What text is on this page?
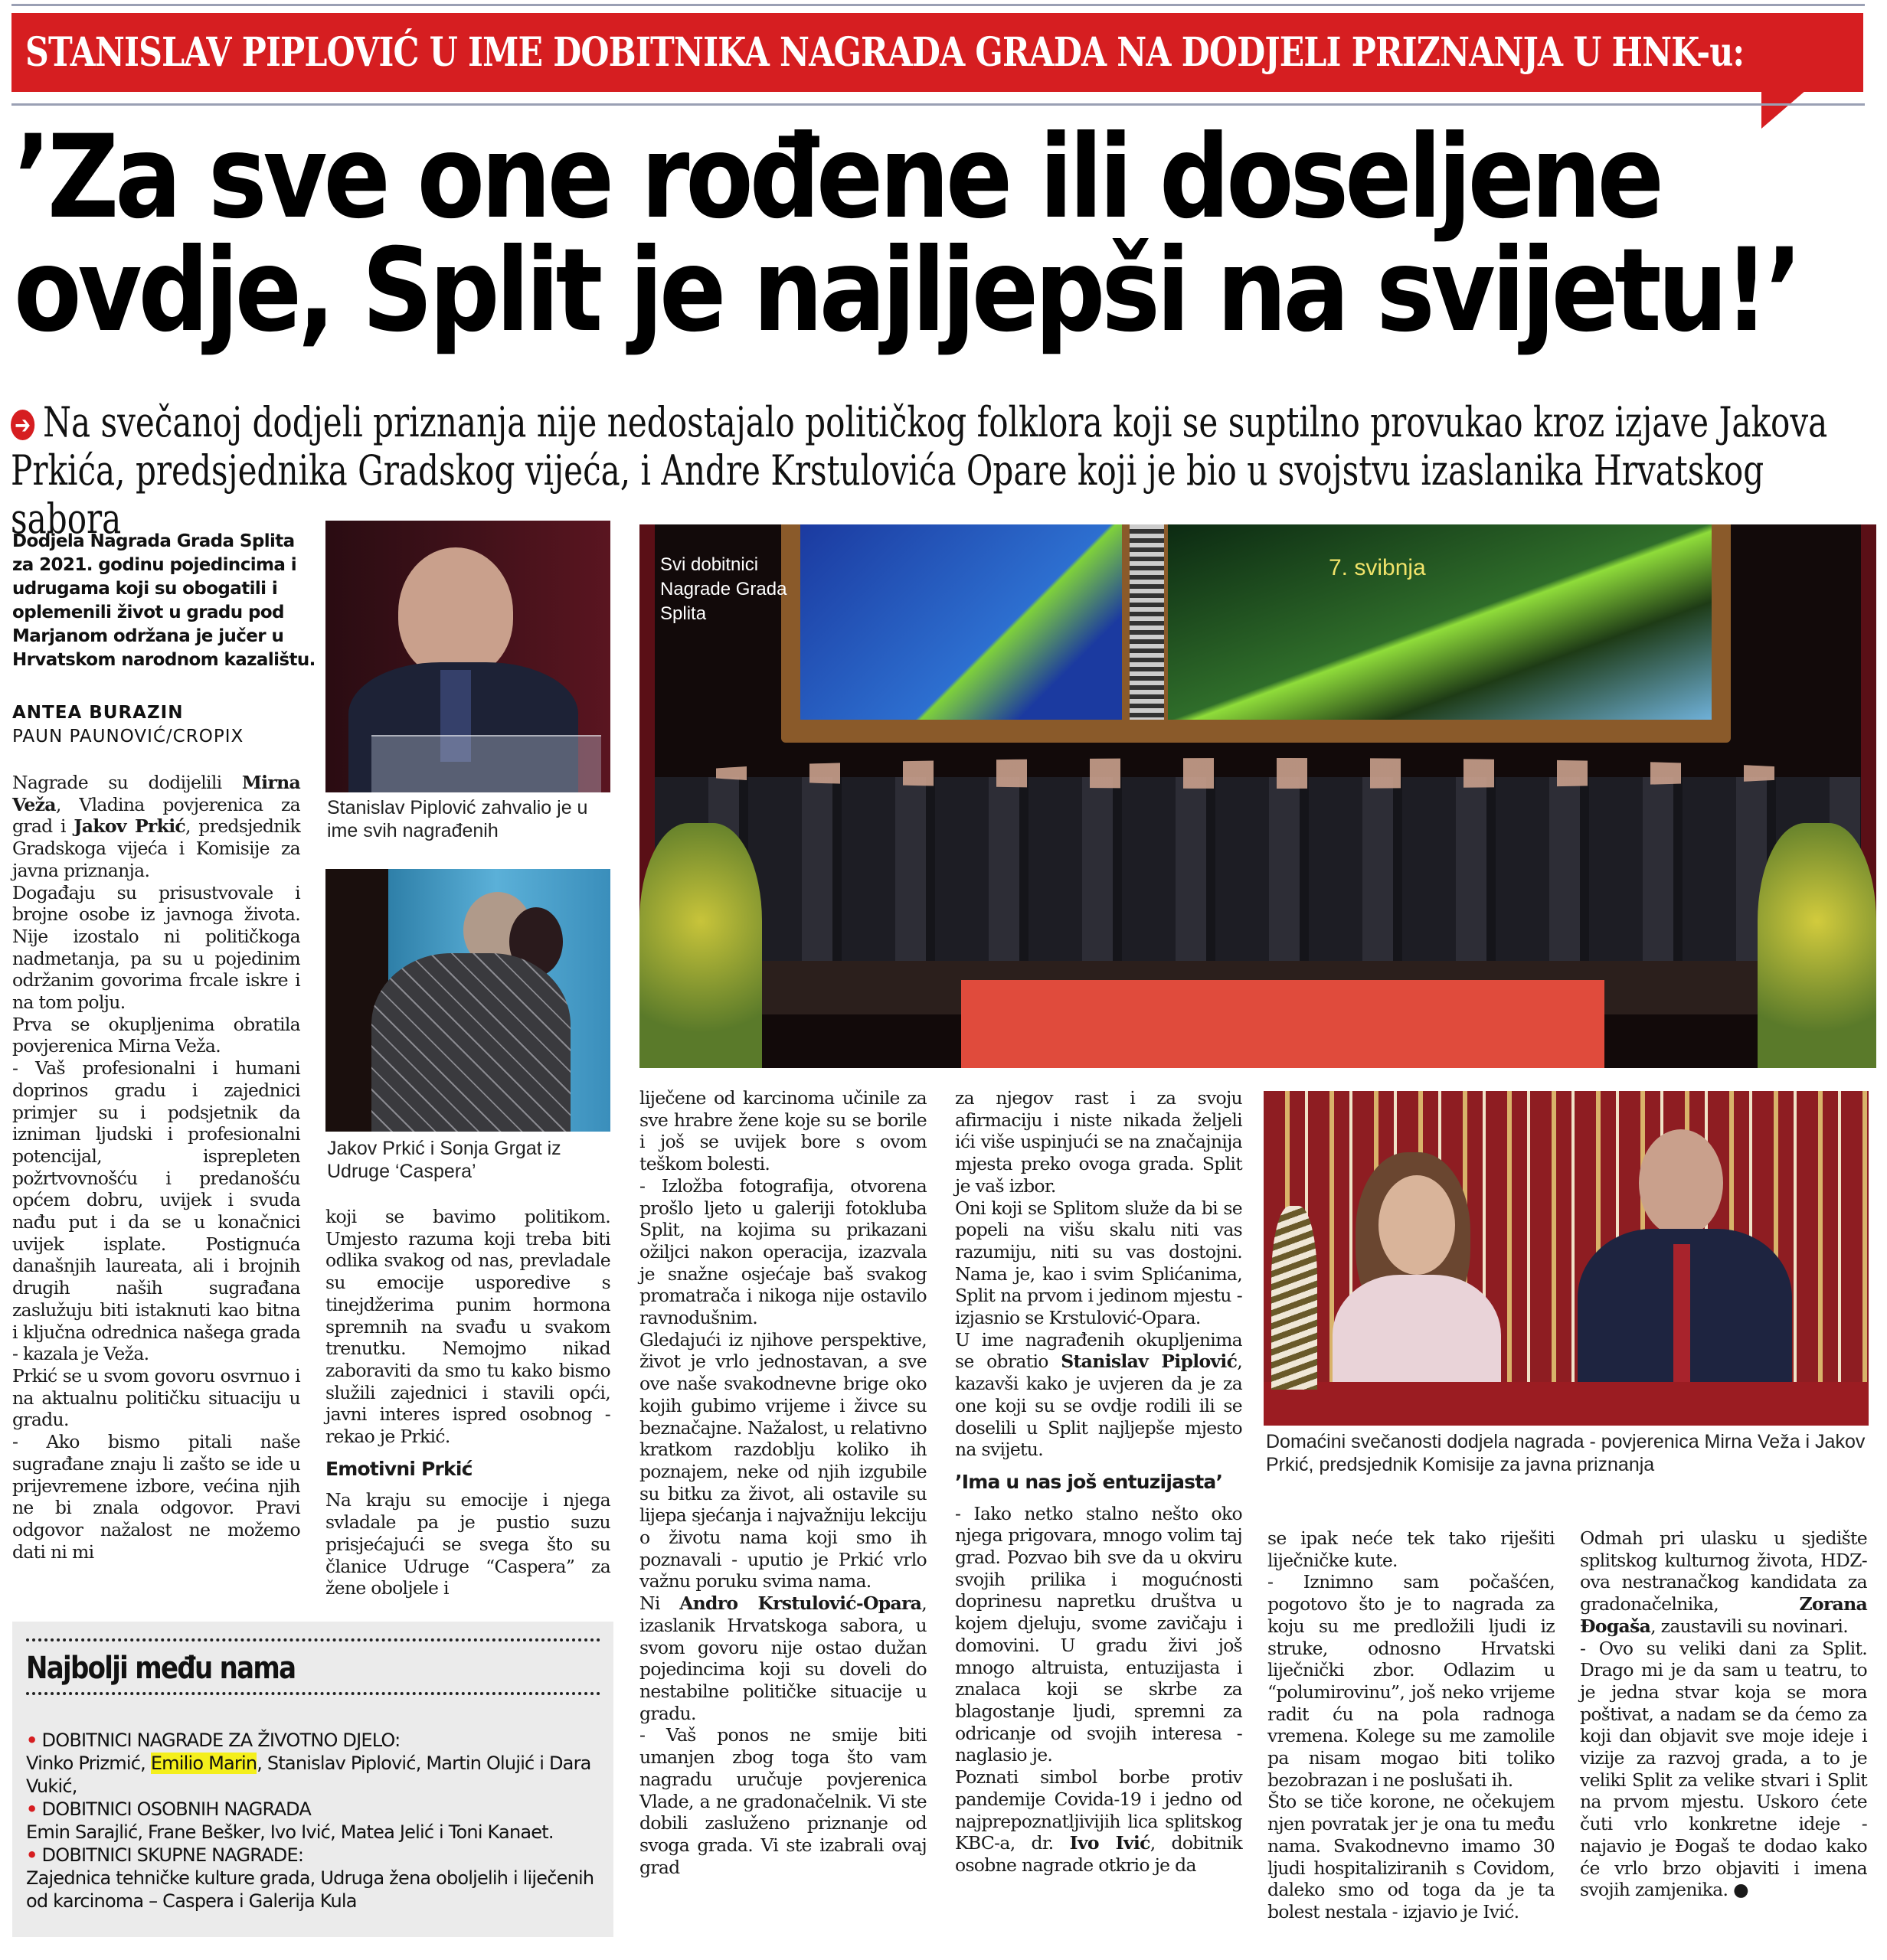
STANISLAV PIPLOVIĆ U IME DOBITNIKA NAGRADA GRADA NA DODJELI PRIZNANJA U HNK-u:
’Za sve one rođene ili doseljene
ovdje, Split je najljepši na svijetu!’
➔ Na svečanoj dodjeli priznanja nije nedostajalo političkog folklora koji se suptilno provukao kroz izjave Jakova Prkića, predsjednika Gradskog vijeća, i Andre Krstulovića Opare koji je bio u svojstvu izaslanika Hrvatskog sabora
Dodjela Nagrada Grada Splita za 2021. godinu pojedincima i udrugama koji su obogatili i oplemenili život u gradu pod Marjanom održana je jučer u Hrvatskom narodnom kazalištu.
ANTEA BURAZIN
PAUN PAUNOVIĆ/CROPIX

Nagrade su dodijelili Mirna Veža, Vladina povjerenica za grad i Jakov Prkić, predsjednik Gradskoga vijeća i Komisije za javna priznanja.

Događaju su prisustvovale i brojne osobe iz javnoga života. Nije izostalo ni političkoga nadmetanja, pa su u pojedinim održanim govorima frcale iskre i na tom polju.

Prva se okupljenima obratila povjerenica Mirna Veža.

- Vaš profesionalni i humani doprinos gradu i zajednici primjer su i podsjetnik da izniman ljudski i profesionalni potencijal, isprepleten požrtvovnošću i predanošću općem dobru, uvijek i svuda nađu put i da se u konačnici uvijek isplate. Postignuća današnjih laureata, ali i brojnih drugih naših sugrađana zaslužuju biti istaknuti kao bitna i ključna odrednica našega grada - kazala je Veža.

Prkić se u svom govoru osvrnuo i na aktualnu političku situaciju u gradu.

- Ako bismo pitali naše sugrađane znaju li zašto se ide u prijevremene izbore, većina njih ne bi znala odgovor. Pravi odgovor nažalost ne možemo dati ni mi

Stanislav Piplović zahvalio je u ime svih nagrađenih
Jakov Prkić i Sonja Grgat iz Udruge ‘Caspera’

koji se bavimo politikom. Umjesto razuma koji treba biti odlika svakog od nas, prevladale su emocije usporedive s tinejdžerima punim hormona spremnih na svađu u svakom trenutku. Nemojmo nikad zaboraviti da smo tu kako bismo služili zajednici i stavili opći, javni interes ispred osobnog - rekao je Prkić.

Emotivni Prkić

Na kraju su emocije i njega svladale pa je pustio suzu prisjećajući se svega što su članice Udruge “Caspera” za žene oboljele i

7. svibnja
Svi dobitnici Nagrade Grada Splita

liječene od karcinoma učinile za sve hrabre žene koje su se borile i još se uvijek bore s ovom teškom bolesti.

- Izložba fotografija, otvorena prošlo ljeto u galeriji fotokluba Split, na kojima su prikazani ožiljci nakon operacija, izazvala je snažne osjećaje baš svakog promatrača i nikoga nije ostavilo ravnodušnim.

Gledajući iz njihove perspektive, život je vrlo jednostavan, a sve ove naše svakodnevne brige oko kojih gubimo vrijeme i živce su beznačajne. Nažalost, u relativno kratkom razdoblju koliko ih poznajem, neke od njih izgubile su bitku za život, ali ostavile su lijepa sjećanja i najvažniju lekciju o životu nama koji smo ih poznavali - uputio je Prkić vrlo važnu poruku svima nama.

Ni Andro Krstulović-Opara, izaslanik Hrvatskoga sabora, u svom govoru nije ostao dužan pojedincima koji su doveli do nestabilne političke situacije u gradu.

- Vaš ponos ne smije biti umanjen zbog toga što vam nagradu uručuje povjerenica Vlade, a ne gradonačelnik. Vi ste dobili zasluženo priznanje od svoga grada. Vi ste izabrali ovaj grad

za njegov rast i za svoju afirmaciju i niste nikada željeli ići više uspinjući se na značajnija mjesta preko ovoga grada. Split je vaš izbor.

Oni koji se Splitom služe da bi se popeli na višu skalu niti vas razumiju, niti su vas dostojni. Nama je, kao i svim Splićanima, Split na prvom i jedinom mjestu - izjasnio se Krstulović-Opara.

U ime nagrađenih okupljenima se obratio Stanislav Piplović, kazavši kako je uvjeren da je za one koji su se ovdje rodili ili se doselili u Split najljepše mjesto na svijetu.

’Ima u nas još entuzijasta’

- Iako netko stalno nešto oko njega prigovara, mnogo volim taj grad. Pozvao bih sve da u okviru svojih prilika i mogućnosti doprinesu napretku društva u kojem djeluju, svome zavičaju i domovini. U gradu živi još mnogo altruista, entuzijasta i znalaca koji se skrbe za blagostanje ljudi, spremni za odricanje od svojih interesa - naglasio je.

Poznati simbol borbe protiv pandemije Covida-19 i jedno od najprepoznatljivijih lica splitskog KBC-a, dr. Ivo Ivić, dobitnik osobne nagrade otkrio je da

Domaćini svečanosti dodjela nagrada - povjerenica Mirna Veža i Jakov Prkić, predsjednik Komisije za javna priznanja

se ipak neće tek tako riješiti liječničke kute.

- Iznimno sam počašćen, pogotovo što je to nagrada za koju su me predložili ljudi iz struke, odnosno Hrvatski liječnički zbor. Odlazim u “polumirovinu”, još neko vrijeme radit ću na pola radnoga vremena. Kolege su me zamolile pa nisam mogao biti toliko bezobrazan i ne poslušati ih.

Što se tiče korone, ne očekujem njen povratak jer je ona tu među nama. Svakodnevno imamo 30 ljudi hospitaliziranih s Covidom, daleko smo od toga da je ta bolest nestala - izjavio je Ivić.

Odmah pri ulasku u sjedište splitskog kulturnog života, HDZ-ova nestranačkog kandidata za gradonačelnika, Zorana Đogaša, zaustavili su novinari.

- Ovo su veliki dani za Split. Drago mi je da sam u teatru, to je jedna stvar koja se mora poštivat, a nadam se da ćemo za koji dan objavit sve moje ideje i vizije za razvoj grada, a to je veliki Split za velike stvari i Split na prvom mjestu. Uskoro ćete čuti vrlo konkretne ideje - najavio je Đogaš te dodao kako će vrlo brzo objaviti i imena svojih zamjenika. ●

Najbolji među nama
• DOBITNICI NAGRADE ZA ŽIVOTNO DJELO:
Vinko Prizmić, Emilio Marin, Stanislav Piplović, Martin Olujić i Dara Vukić,
• DOBITNICI OSOBNIH NAGRADA
Emin Sarajlić, Frane Bešker, Ivo Ivić, Matea Jelić i Toni Kanaet.
• DOBITNICI SKUPNE NAGRADE:
Zajednica tehničke kulture grada, Udruga žena oboljelih i liječenih od karcinoma – Caspera i Galerija Kula
